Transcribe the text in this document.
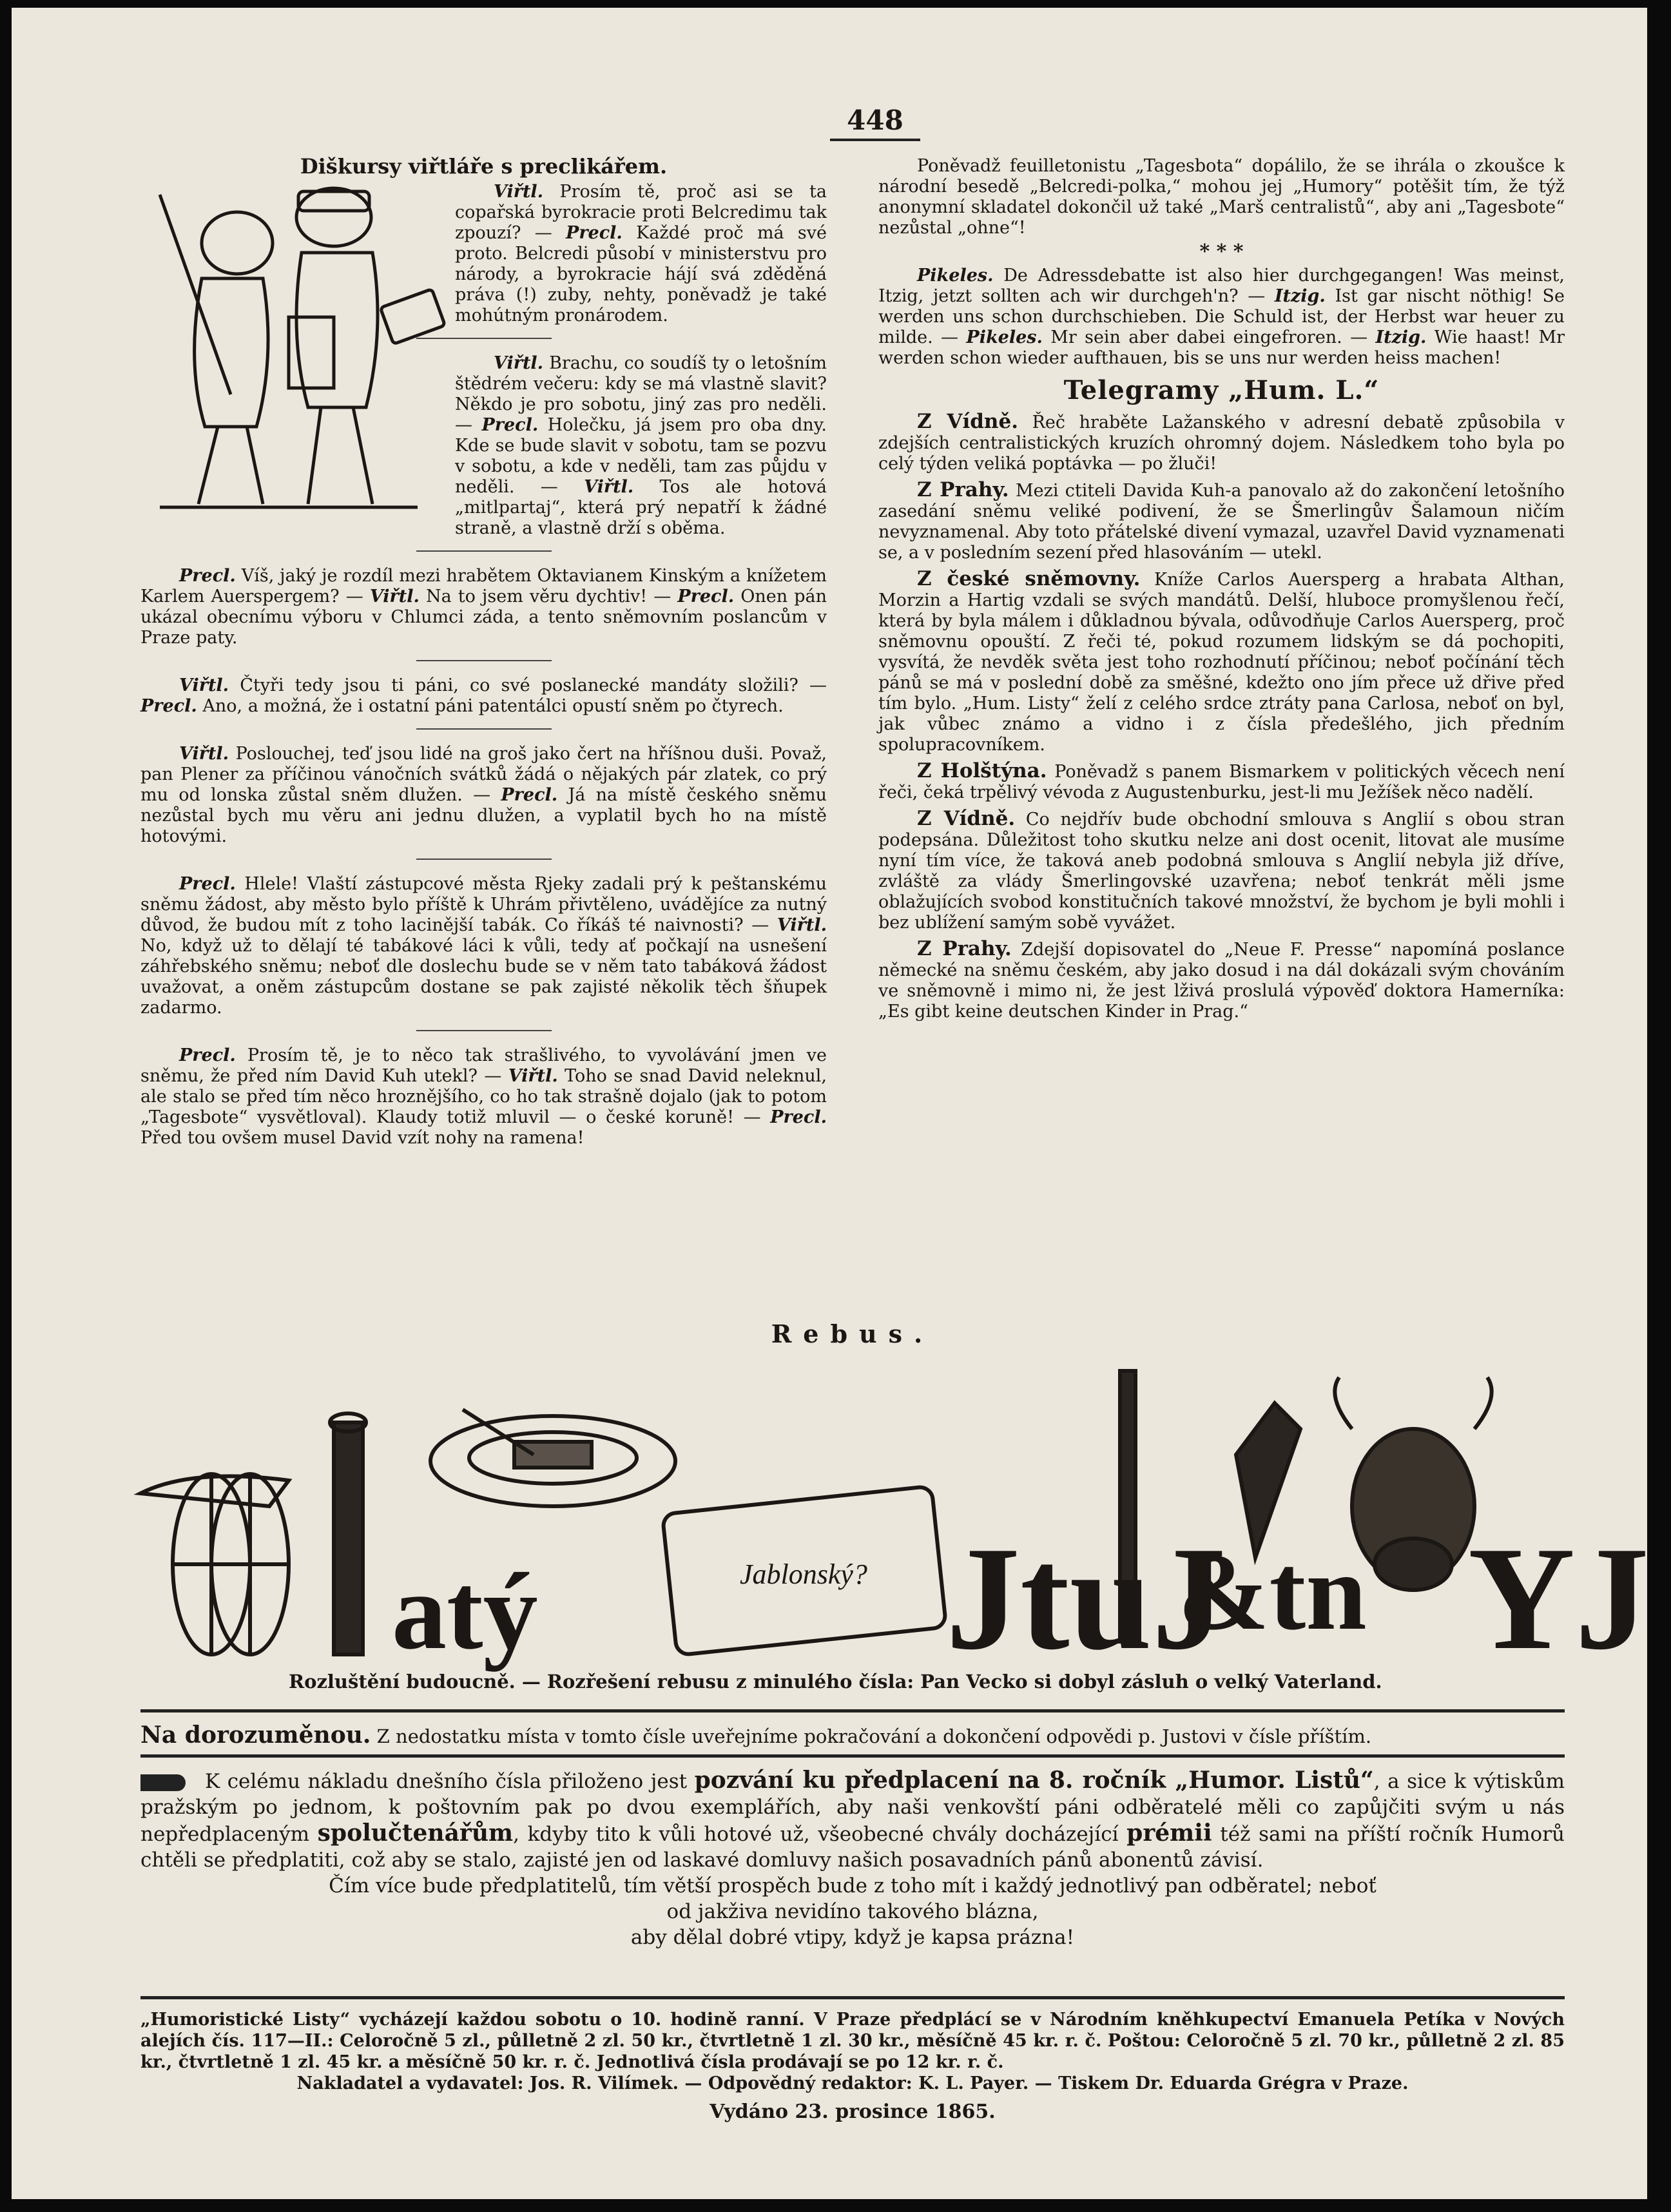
448
Diškursy viřtláře s preclikářem.

Viřtl. Prosím tě, proč asi se ta copařská byrokracie proti Belcredimu tak zpouzí? — Precl. Každé proč má své proto. Belcredi působí v ministerstvu pro národy, a byrokracie hájí svá zděděná práva (!) zuby, nehty, poněvadž je také mohútným pronárodem.

Viřtl. Brachu, co soudíš ty o letošním štědrém večeru: kdy se má vlastně slavit? Někdo je pro sobotu, jiný zas pro neděli. — Precl. Holečku, já jsem pro oba dny. Kde se bude slavit v sobotu, tam se pozvu v sobotu, a kde v neděli, tam zas půjdu v neděli. — Viřtl. Tos ale hotová „mitlpartaj“, která prý nepatří k žádné straně, a vlastně drží s oběma.

Precl. Víš, jaký je rozdíl mezi hrabětem Oktavianem Kinským a knížetem Karlem Auerspergem? — Viřtl. Na to jsem věru dychtiv! — Precl. Onen pán ukázal obecnímu výboru v Chlumci záda, a tento sněmovním poslancům v Praze paty.

Viřtl. Čtyři tedy jsou ti páni, co své poslanecké mandáty složili? — Precl. Ano, a možná, že i ostatní páni patentálci opustí sněm po čtyrech.

Viřtl. Poslouchej, teď jsou lidé na groš jako čert na hříšnou duši. Považ, pan Plener za příčinou vánočních svátků žádá o nějakých pár zlatek, co prý mu od lonska zůstal sněm dlužen. — Precl. Já na místě českého sněmu nezůstal bych mu věru ani jednu dlužen, a vyplatil bych ho na místě hotovými.

Precl. Hlele! Vlaští zástupcové města Rjeky zadali prý k peštanskému sněmu žádost, aby město bylo příště k Uhrám přivtěleno, uvádějíce za nutný důvod, že budou mít z toho lacinější tabák. Co říkáš té naivnosti? — Viřtl. No, když už to dělají té tabákové láci k vůli, tedy ať počkají na usnešení záhřebského sněmu; neboť dle doslechu bude se v něm tato tabáková žádost uvažovat, a oněm zástupcům dostane se pak zajisté několik těch šňupek zadarmo.

Precl. Prosím tě, je to něco tak strašlivého, to vyvolávání jmen ve sněmu, že před ním David Kuh utekl? — Viřtl. Toho se snad David neleknul, ale stalo se před tím něco hroznějšího, co ho tak strašně dojalo (jak to potom „Tagesbote“ vysvětloval). Klaudy totiž mluvil — o české koruně! — Precl. Před tou ovšem musel David vzít nohy na ramena!

Poněvadž feuilletonistu „Tagesbota“ dopálilo, že se ihrála o zkoušce k národní besedě „Belcredi-polka,“ mohou jej „Humory“ potěšit tím, že týž anonymní skladatel dokončil už také „Marš centralistů“, aby ani „Tagesbote“ nezůstal „ohne“!

* * *

Pikeles. De Adressdebatte ist also hier durchgegangen! Was meinst, Itzig, jetzt sollten ach wir durchgeh'n? — Itzig. Ist gar nischt nöthig! Se werden uns schon durchschieben. Die Schuld ist, der Herbst war heuer zu milde. — Pikeles. Mr sein aber dabei eingefroren. — Itzig. Wie haast! Mr werden schon wieder aufthauen, bis se uns nur werden heiss machen!

Telegramy „Hum. L.“

Z Vídně. Řeč hraběte Lažanského v adresní debatě způsobila v zdejších centralistických kruzích ohromný dojem. Následkem toho byla po celý týden veliká poptávka — po žluči!

Z Prahy. Mezi ctiteli Davida Kuh-a panovalo až do zakončení letošního zasedání sněmu veliké podivení, že se Šmerlingův Šalamoun ničím nevyznamenal. Aby toto přátelské divení vymazal, uzavřel David vyznamenati se, a v posledním sezení před hlasováním — utekl.

Z české sněmovny. Kníže Carlos Auersperg a hrabata Althan, Morzin a Hartig vzdali se svých mandátů. Delší, hluboce promyšlenou řečí, která by byla málem i důkladnou bývala, odůvodňuje Carlos Auersperg, proč sněmovnu opouští. Z řeči té, pokud rozumem lidským se dá pochopiti, vysvítá, že nevděk světa jest toho rozhodnutí příčinou; neboť počínání těch pánů se má v poslední době za směšné, kdežto ono jím přece už dřive před tím bylo. „Hum. Listy“ želí z celého srdce ztráty pana Carlosa, neboť on byl, jak vůbec známo a vidno i z čísla předešlého, jich předním spolupracovníkem.

Z Holštýna. Poněvadž s panem Bismarkem v politických věcech není řeči, čeká trpělivý vévoda z Augustenburku, jest-li mu Ježíšek něco nadělí.

Z Vídně. Co nejdřív bude obchodní smlouva s Anglií s obou stran podepsána. Důležitost toho skutku nelze ani dost ocenit, litovat ale musíme nyní tím více, že taková aneb podobná smlouva s Anglií nebyla již dříve, zvláště za vlády Šmerlingovské uzavřena; neboť tenkrát měli jsme oblažujících svobod konstitučních takové množství, že bychom je byli mohli i bez ublížení samým sobě vyvážet.

Z Prahy. Zdejší dopisovatel do „Neue F. Presse“ napomíná poslance německé na sněmu českém, aby jako dosud i na dál dokázali svým chováním ve sněmovně i mimo ni, že jest lživá proslulá výpověď doktora Hamerníka: „Es gibt keine deutschen Kinder in Prag.“

Rebus.
atý	JtuJ
&tn YJ
Jablonský?
Rozluštění budoucně. — Rozřešení rebusu z minulého čísla: Pan Vecko si dobyl zásluh o velký Vaterland.
Na dorozuměnou. Z nedostatku místa v tomto čísle uveřejníme pokračování a dokončení odpovědi p. Justovi v čísle příštím.
K celému nákladu dnešního čísla přiloženo jest pozvání ku předplacení na 8. ročník „Humor. Listů“, a sice k výtiskům pražským po jednom, k poštovním pak po dvou exemplářích, aby naši venkovští páni odběratelé měli co zapůjčiti svým u nás nepředplaceným spolučtenářům, kdyby tito k vůli hotové už, všeobecné chvály docházející prémii též sami na příští ročník Humorů chtěli se předplatiti, což aby se stalo, zajisté jen od laskavé domluvy našich posavadních pánů abonentů závisí.
Čím více bude předplatitelů, tím větší prospěch bude z toho mít i každý jednotlivý pan odběratel; neboť
od jakživa nevidíno takového blázna,
aby dělal dobré vtipy, když je kapsa prázna!
„Humoristické Listy“ vycházejí každou sobotu o 10. hodině ranní. V Praze předplácí se v Národním kněhkupectví Emanuela Petíka v Nových alejích čís. 117—II.: Celoročně 5 zl., půlletně 2 zl. 50 kr., čtvrtletně 1 zl. 30 kr., měsíčně 45 kr. r. č. Poštou: Celoročně 5 zl. 70 kr., půlletně 2 zl. 85 kr., čtvrtletně 1 zl. 45 kr. a měsíčně 50 kr. r. č. Jednotlivá čísla prodávají se po 12 kr. r. č.
Nakladatel a vydavatel: Jos. R. Vilímek. — Odpovědný redaktor: K. L. Payer. — Tiskem Dr. Eduarda Grégra v Praze.
Vydáno 23. prosince 1865.
